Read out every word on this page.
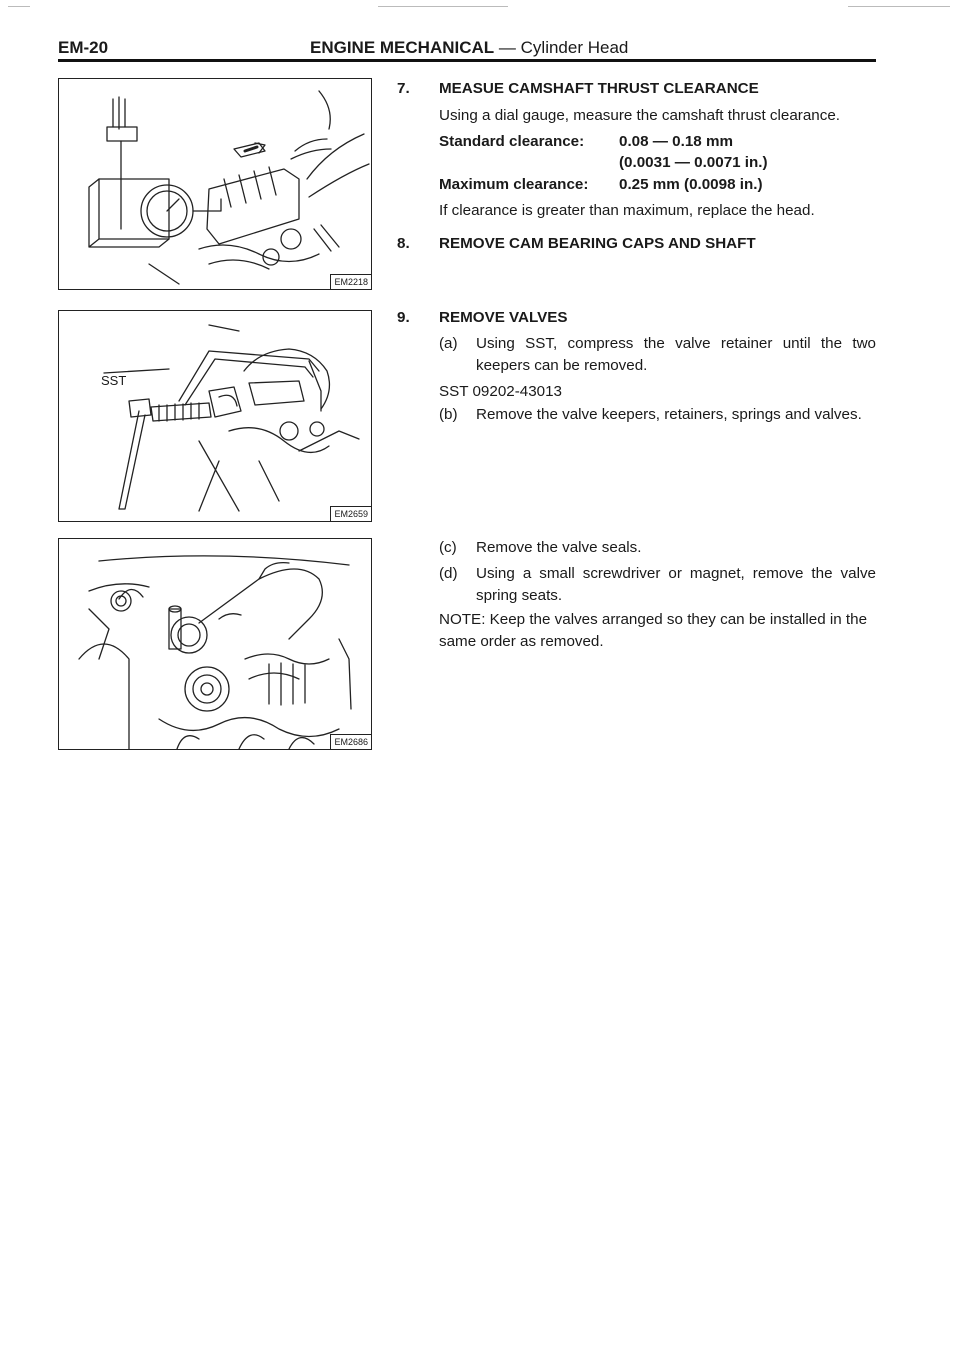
EM-20	ENGINE MECHANICAL — Cylinder Head
EM2218
SST
EM2659
EM2686
7. MEASUE CAMSHAFT THRUST CLEARANCE
Using a dial gauge, measure the camshaft thrust clearance.
Standard clearance: 0.08 — 0.18 mm
(0.0031 — 0.0071 in.)
Maximum clearance: 0.25 mm (0.0098 in.)
If clearance is greater than maximum, replace the head.
8. REMOVE CAM BEARING CAPS AND SHAFT
9. REMOVE VALVES
(a) Using SST, compress the valve retainer until the two keepers can be removed.
SST 09202-43013
(b) Remove the valve keepers, retainers, springs and valves.
(c) Remove the valve seals.
(d) Using a small screwdriver or magnet, remove the valve spring seats.
NOTE: Keep the valves arranged so they can be installed in the same order as removed.
